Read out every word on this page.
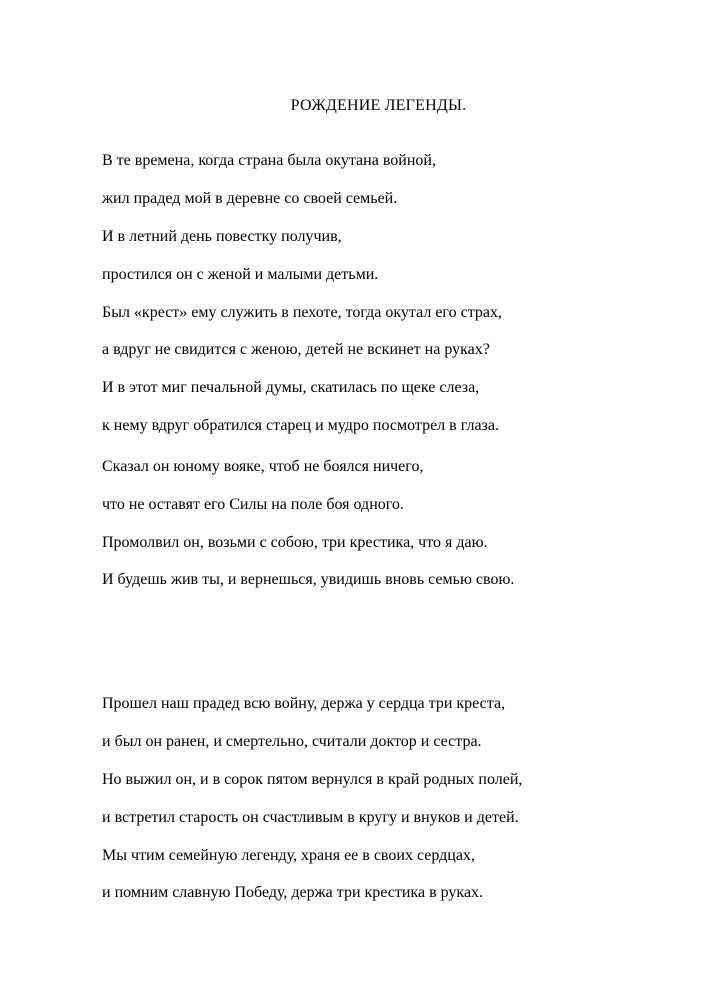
РОЖДЕНИЕ ЛЕГЕНДЫ.
В те времена, когда страна была окутана войной,
жил прадед мой в деревне со своей семьей.
И в летний день повестку получив,
простился он с женой и малыми детьми.
Был «крест» ему служить в пехоте, тогда окутал его страх,
а вдруг не свидится с женою, детей не вскинет на руках?
И в этот миг печальной думы, скатилась по щеке слеза,
к нему вдруг обратился старец и мудро посмотрел в глаза.
Сказал он юному вояке, чтоб не боялся ничего,
что не оставят его Силы на поле боя одного.
Промолвил он, возьми с собою, три крестика, что я даю.
И будешь жив ты, и вернешься, увидишь вновь семью свою.
Прошел наш прадед всю войну, держа у сердца три креста,
и был он ранен, и смертельно, считали доктор и сестра.
Но выжил он, и в сорок пятом вернулся в край родных полей,
и встретил старость он счастливым в кругу и внуков и детей.
Мы чтим семейную легенду, храня ее в своих сердцах,
и помним славную Победу, держа три крестика в руках.
